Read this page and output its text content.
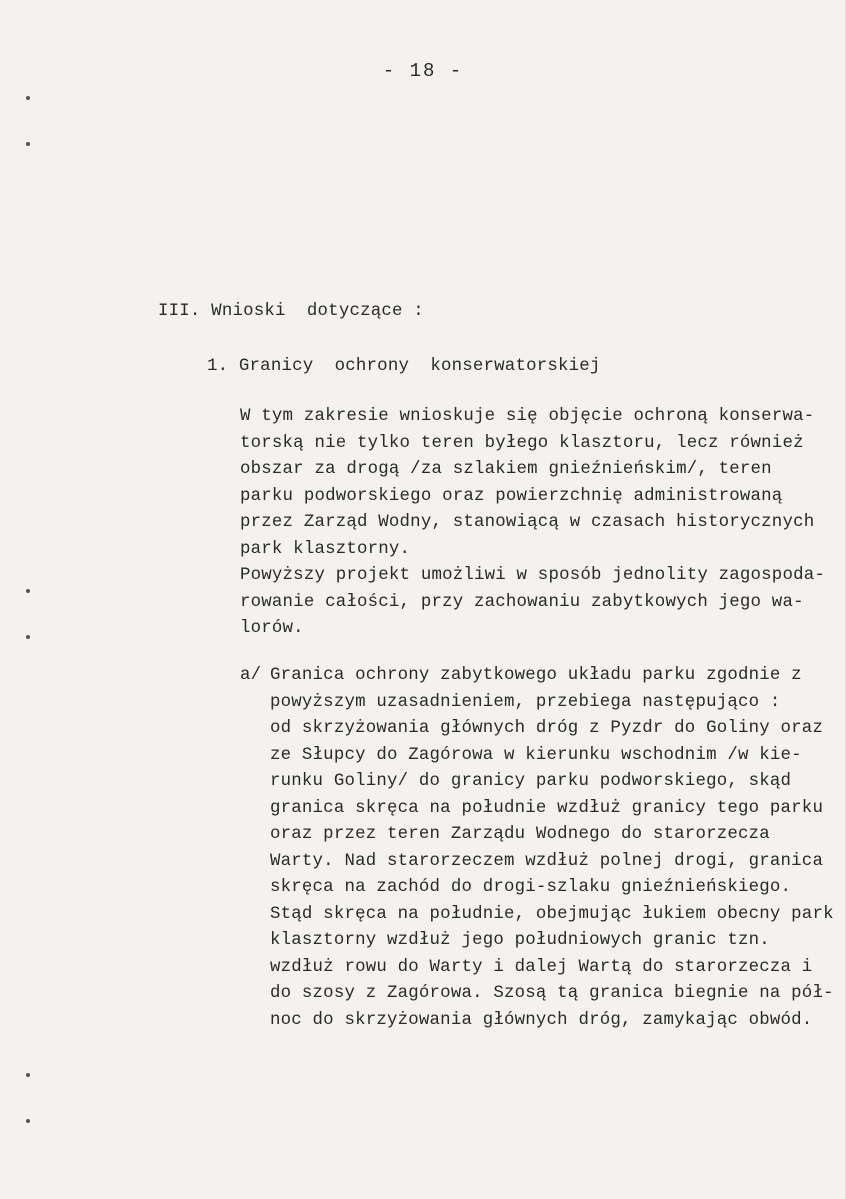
- 18 -
III. Wnioski  dotyczące :
1. Granicy  ochrony  konserwatorskiej
W tym zakresie wnioskuje się objęcie ochroną konserwa-
torską nie tylko teren byłego klasztoru, lecz również
obszar za drogą /za szlakiem gnieźnieńskim/, teren
parku podworskiego oraz powierzchnię administrowaną
przez Zarząd Wodny, stanowiącą w czasach historycznych
park klasztorny.
Powyższy projekt umożliwi w sposób jednolity zagospoda-
rowanie całości, przy zachowaniu zabytkowych jego wa-
lorów.
a/ Granica ochrony zabytkowego układu parku zgodnie z
powyższym uzasadnieniem, przebiega następująco :
od skrzyżowania głównych dróg z Pyzdr do Goliny oraz
ze Słupcy do Zagórowa w kierunku wschodnim /w kie-
runku Goliny/ do granicy parku podworskiego, skąd
granica skręca na południe wzdłuż granicy tego parku
oraz przez teren Zarządu Wodnego do starorzecza
Warty. Nad starorzeczem wzdłuż polnej drogi, granica
skręca na zachód do drogi-szlaku gnieźnieńskiego.
Stąd skręca na południe, obejmując łukiem obecny park
klasztorny wzdłuż jego południowych granic tzn.
wzdłuż rowu do Warty i dalej Wartą do starorzecza i
do szosy z Zagórowa. Szosą tą granica biegnie na pół-
noc do skrzyżowania głównych dróg, zamykając obwód.
